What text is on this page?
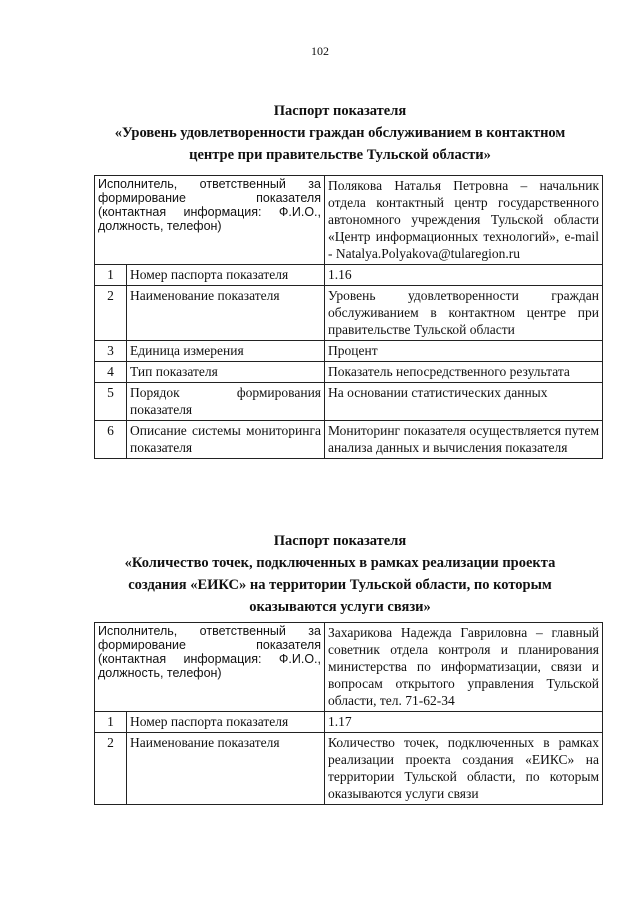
102
Паспорт показателя
«Уровень удовлетворенности граждан обслуживанием в контактном
центре при правительстве Тульской области»
Исполнитель, ответственный за формирование показателя (контактная информация: Ф.И.О., должность, телефон)		Полякова Наталья Петровна – начальник отдела контактный центр государственного автономного учреждения Тульской области «Центр информационных технологий», e-mail - Natalya.Polyakova@tularegion.ru
1	Номер паспорта показателя	1.16
2	Наименование показателя	Уровень удовлетворенности граждан обслуживанием в контактном центре при правительстве Тульской области
3	Единица измерения	Процент
4	Тип показателя	Показатель непосредственного результата
5	Порядок формирования показателя	На основании статистических данных
6	Описание системы мониторинга показателя	Мониторинг показателя осуществляется путем анализа данных и вычисления показателя
Паспорт показателя
«Количество точек, подключенных в рамках реализации проекта
создания «ЕИКС» на территории Тульской области, по которым
оказываются услуги связи»
Исполнитель, ответственный за формирование показателя (контактная информация: Ф.И.О., должность, телефон)		Захарикова Надежда Гавриловна – главный советник отдела контроля и планирования министерства по информатизации, связи и вопросам открытого управления Тульской области, тел. 71-62-34
1	Номер паспорта показателя	1.17
2	Наименование показателя	Количество точек, подключенных в рамках реализации проекта создания «ЕИКС» на территории Тульской области, по которым оказываются услуги связи
